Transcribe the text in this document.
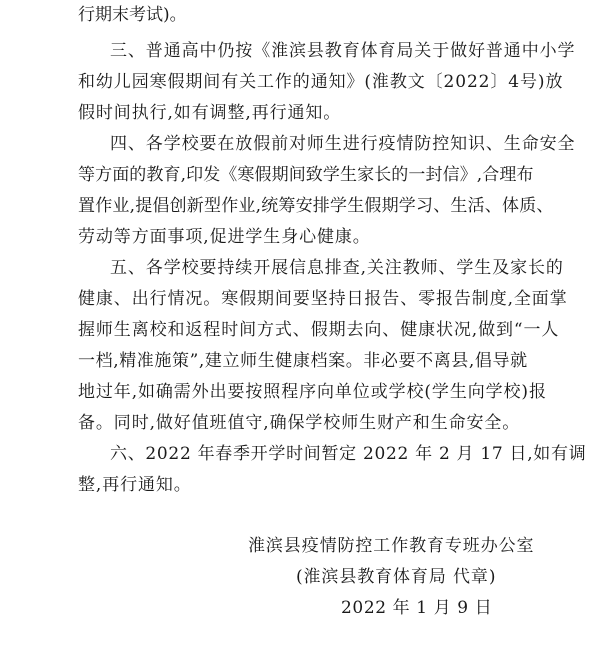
行期末考试)。

三、普通高中仍按《淮滨县教育体育局关于做好普通中小学

和幼儿园寒假期间有关工作的通知》(淮教文〔2022〕4号)放

假时间执行,如有调整,再行通知。

四、各学校要在放假前对师生进行疫情防控知识、生命安全

等方面的教育,印发《寒假期间致学生家长的一封信》,合理布

置作业,提倡创新型作业,统筹安排学生假期学习、生活、体质、

劳动等方面事项,促进学生身心健康。

五、各学校要持续开展信息排查,关注教师、学生及家长的

健康、出行情况。寒假期间要坚持日报告、零报告制度,全面掌

握师生离校和返程时间方式、假期去向、健康状况,做到“一人

一档,精准施策”,建立师生健康档案。非必要不离县,倡导就

地过年,如确需外出要按照程序向单位或学校(学生向学校)报

备。同时,做好值班值守,确保学校师生财产和生命安全。

六、2022 年春季开学时间暂定 2022 年 2 月 17 日,如有调

整,再行通知。

淮滨县疫情防控工作教育专班办公室

(淮滨县教育体育局 代章)

2022 年 1 月 9 日
